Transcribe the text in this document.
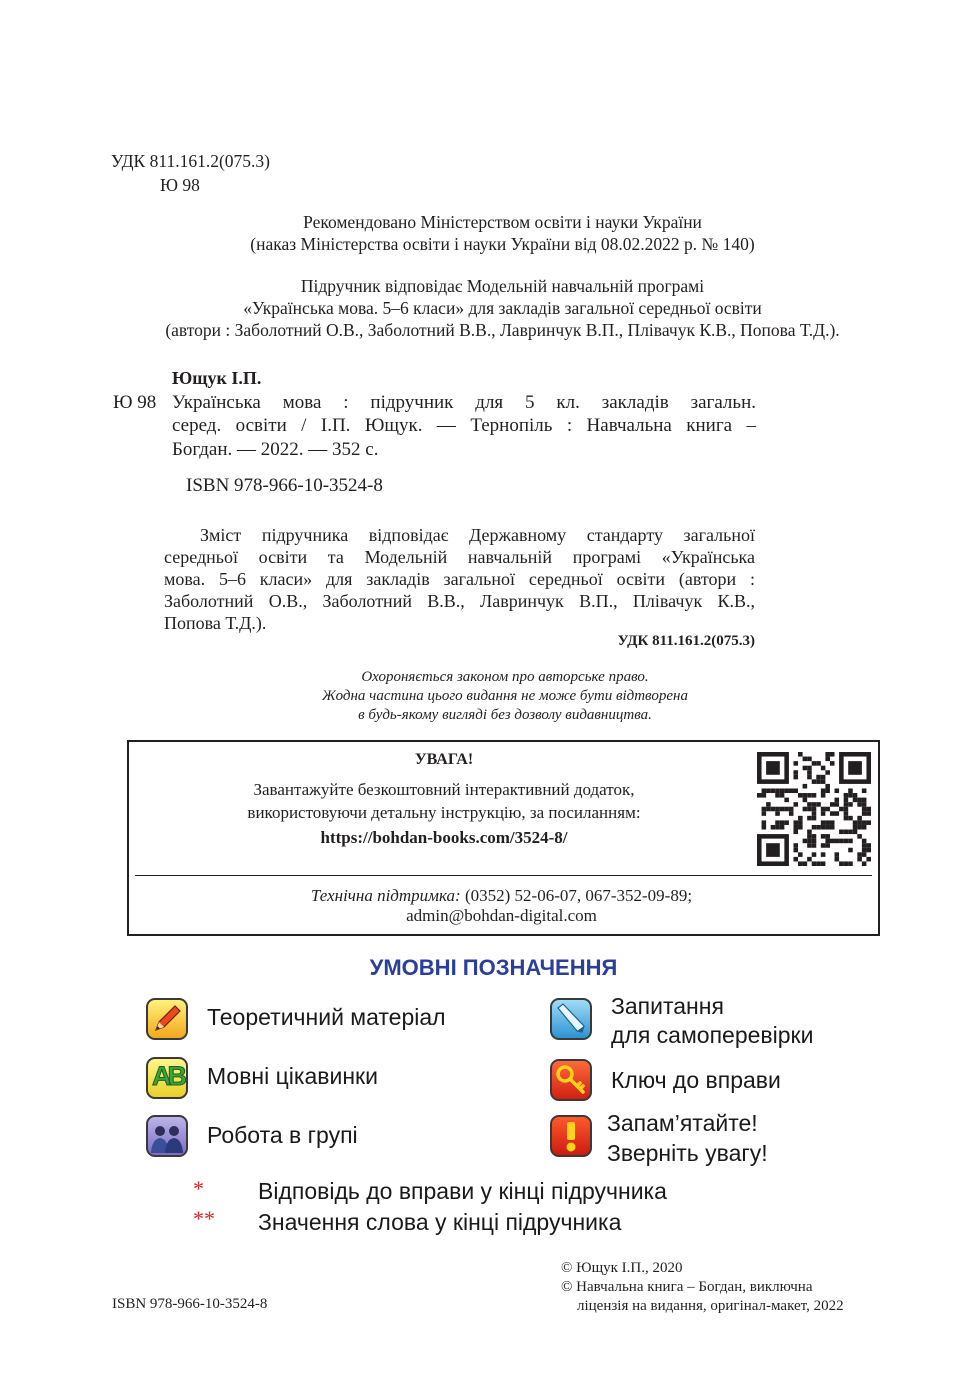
УДК 811.161.2(075.3)
Ю 98
Рекомендовано Міністерством освіти і науки України
(наказ Міністерства освіти і науки України від 08.02.2022 р. № 140)
Підручник відповідає Модельній навчальній програмі
«Українська мова. 5–6 класи» для закладів загальної середньої освіти
(автори : Заболотний О.В., Заболотний В.В., Лавринчук В.П., Плівачук К.В., Попова Т.Д.).
Ющук І.П.
Ю 98 Українська мова : підручник для 5 кл. закладів загальн.
серед. освіти / І.П. Ющук. — Тернопіль : Навчальна книга –
Богдан. — 2022. — 352 с.
ISBN 978-966-10-3524-8
Зміст підручника відповідає Державному стандарту загальної
середньої освіти та Модельній навчальній програмі «Українська
мова. 5–6 класи» для закладів загальної середньої освіти (автори :
Заболотний О.В., Заболотний В.В., Лавринчук В.П., Плівачук К.В.,
Попова Т.Д.).
УДК 811.161.2(075.3)
Охороняється законом про авторське право.
Жодна частина цього видання не може бути відтворена
в будь-якому вигляді без дозволу видавництва.
УВАГА!
Завантажуйте безкоштовний інтерактивний додаток,
використовуючи детальну інструкцію, за посиланням:
https://bohdan-books.com/3524-8/
Технічна підтримка: (0352) 52-06-07, 067-352-09-89;
admin@bohdan-digital.com
УМОВНІ ПОЗНАЧЕННЯ
Теоретичний матеріал
AB Мовні цікавинки
Робота в групі
Запитання
для самоперевірки
Ключ до вправи
Запам’ятайте!
Зверніть увагу!
* Відповідь до вправи у кінці підручника
** Значення слова у кінці підручника
ISBN 978-966-10-3524-8
© Ющук І.П., 2020
© Навчальна книга – Богдан, виключна
ліцензія на видання, оригінал-макет, 2022
